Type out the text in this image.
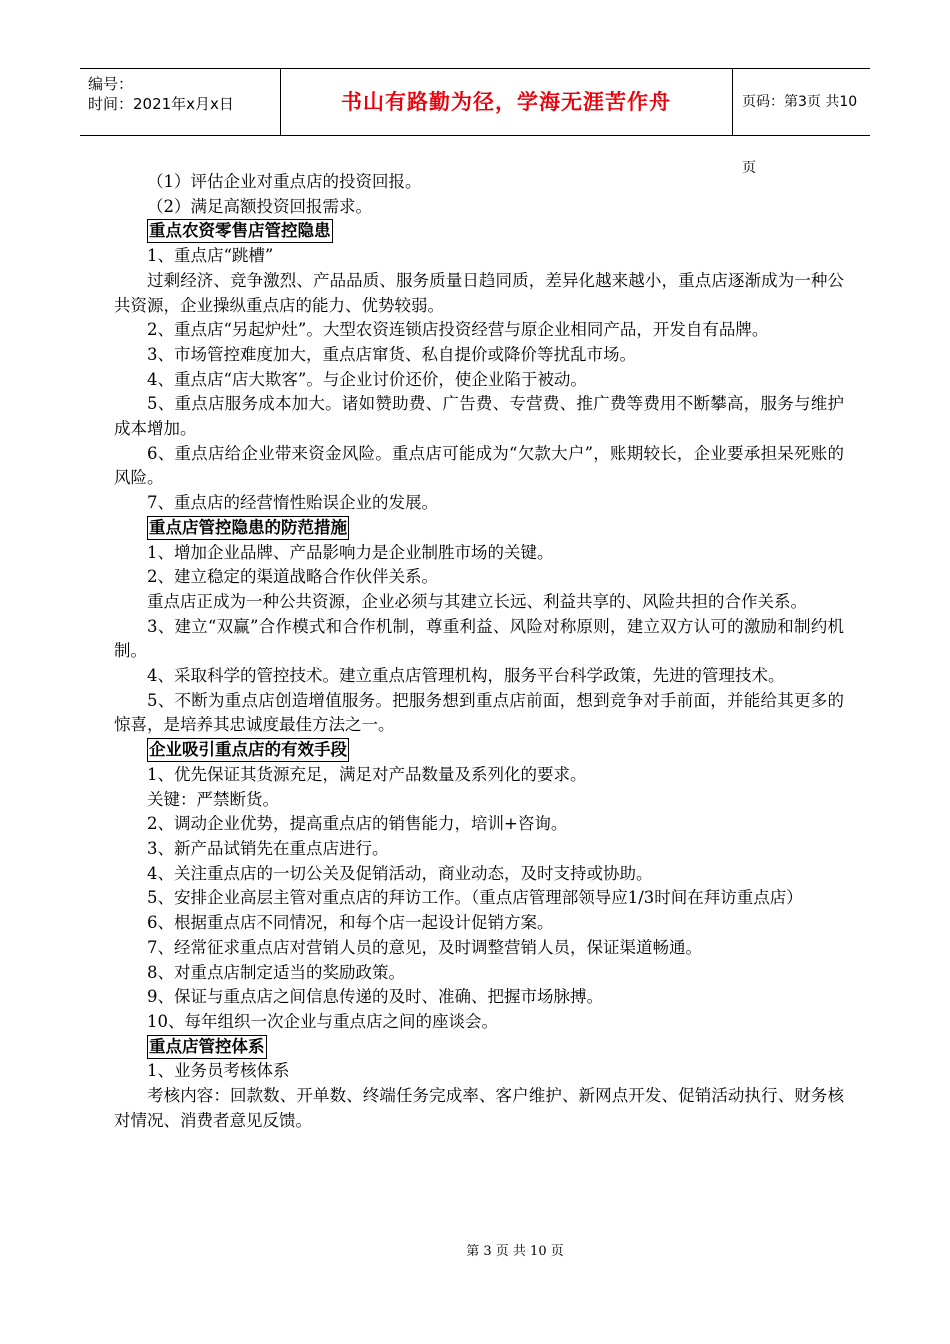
编号：
时间：2021年x月x日	书山有路勤为径，学海无涯苦作舟	页码：第3页 共10页

（1）评估企业对重点店的投资回报。

（2）满足高额投资回报需求。

重点农资零售店管控隐患

1、重点店“跳槽”

过剩经济、竞争激烈、产品品质、服务质量日趋同质，差异化越来越小，重点店逐渐成为一种公共资源，企业操纵重点店的能力、优势较弱。

2、重点店“另起炉灶”。大型农资连锁店投资经营与原企业相同产品，开发自有品牌。

3、市场管控难度加大，重点店窜货、私自提价或降价等扰乱市场。

4、重点店“店大欺客”。与企业讨价还价，使企业陷于被动。

5、重点店服务成本加大。诸如赞助费、广告费、专营费、推广费等费用不断攀高，服务与维护成本增加。

6、重点店给企业带来资金风险。重点店可能成为“欠款大户”，账期较长，企业要承担呆死账的风险。

7、重点店的经营惰性贻误企业的发展。

重点店管控隐患的防范措施

1、增加企业品牌、产品影响力是企业制胜市场的关键。

2、建立稳定的渠道战略合作伙伴关系。

重点店正成为一种公共资源，企业必须与其建立长远、利益共享的、风险共担的合作关系。

3、建立“双赢”合作模式和合作机制，尊重利益、风险对称原则，建立双方认可的激励和制约机制。

4、采取科学的管控技术。建立重点店管理机构，服务平台科学政策，先进的管理技术。

5、不断为重点店创造增值服务。把服务想到重点店前面，想到竞争对手前面，并能给其更多的惊喜，是培养其忠诚度最佳方法之一。

企业吸引重点店的有效手段

1、优先保证其货源充足，满足对产品数量及系列化的要求。

关键：严禁断货。

2、调动企业优势，提高重点店的销售能力，培训+咨询。

3、新产品试销先在重点店进行。

4、关注重点店的一切公关及促销活动，商业动态，及时支持或协助。

5、安排企业高层主管对重点店的拜访工作。（重点店管理部领导应1/3时间在拜访重点店）

6、根据重点店不同情况，和每个店一起设计促销方案。

7、经常征求重点店对营销人员的意见，及时调整营销人员，保证渠道畅通。

8、对重点店制定适当的奖励政策。

9、保证与重点店之间信息传递的及时、准确、把握市场脉搏。

10、每年组织一次企业与重点店之间的座谈会。

重点店管控体系

1、业务员考核体系

考核内容：回款数、开单数、终端任务完成率、客户维护、新网点开发、促销活动执行、财务核对情况、消费者意见反馈。

第 3 页 共 10 页
